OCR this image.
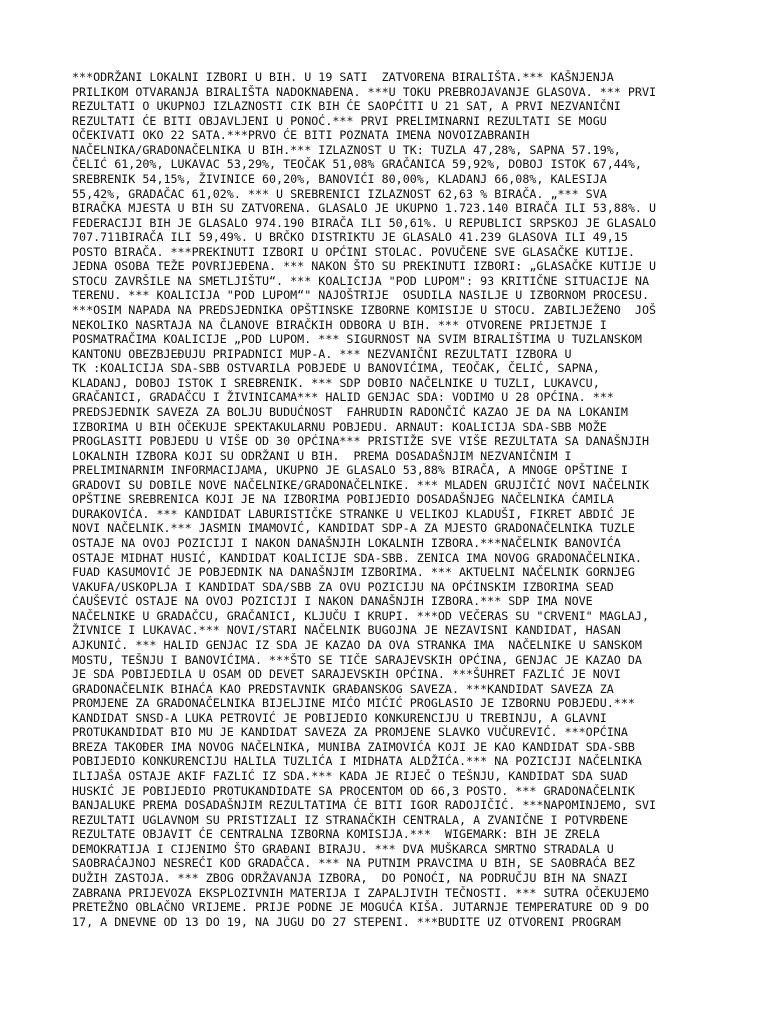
***ODRŽANI LOKALNI IZBORI U BIH. U 19 SATI  ZATVORENA BIRALIŠTA.*** KAŠNJENJA
PRILIKOM OTVARANJA BIRALIŠTA NADOKNAĐENA. ***U TOKU PREBROJAVANJE GLASOVA. *** PRVI
REZULTATI O UKUPNOJ IZLAZNOSTI CIK BIH ĆE SAOPĆITI U 21 SAT, A PRVI NEZVANIČNI
REZULTATI ĆE BITI OBJAVLJENI U PONOĆ.*** PRVI PRELIMINARNI REZULTATI SE MOGU
OČEKIVATI OKO 22 SATA.***PRVO ĆE BITI POZNATA IMENA NOVOIZABRANIH
NAČELNIKA/GRADONAČELNIKA U BIH.*** IZLAZNOST U TK: TUZLA 47,28%, SAPNA 57.19%,
ČELIĆ 61,20%, LUKAVAC 53,29%, TEOČAK 51,08% GRAČANICA 59,92%, DOBOJ ISTOK 67,44%,
SREBRENIK 54,15%, ŽIVINICE 60,20%, BANOVIĆI 80,00%, KLADANJ 66,08%, KALESIJA
55,42%, GRADAČAC 61,02%. *** U SREBRENICI IZLAZNOST 62,63 % BIRAČA. „*** SVA
BIRAČKA MJESTA U BIH SU ZATVORENA. GLASALO JE UKUPNO 1.723.140 BIRAČA ILI 53,88%. U
FEDERACIJI BIH JE GLASALO 974.190 BIRAČA ILI 50,61%. U REPUBLICI SRPSKOJ JE GLASALO
707.711BIRAČA ILI 59,49%. U BRČKO DISTRIKTU JE GLASALO 41.239 GLASOVA ILI 49,15
POSTO BIRAČA. ***PREKINUTI IZBORI U OPĆINI STOLAC. POVUČENE SVE GLASAČKE KUTIJE.
JEDNA OSOBA TEŽE POVRIJEĐENA. *** NAKON ŠTO SU PREKINUTI IZBORI: „GLASAČKE KUTIJE U
STOCU ZAVRŠILE NA SMETLJIŠTU“. *** KOALICIJA "POD LUPOM": 93 KRITIČNE SITUACIJE NA
TERENU. *** KOALICIJA "POD LUPOM“" NAJOŠTRIJE  OSUDILA NASILJE U IZBORNOM PROCESU.
***OSIM NAPADA NA PREDSJEDNIKA OPŠTINSKE IZBORNE KOMISIJE U STOCU. ZABILJEŽENO  JOŠ
NEKOLIKO NASRTAJA NA ČLANOVE BIRAČKIH ODBORA U BIH. *** OTVORENE PRIJETNJE I
POSMATRAČIMA KOALICIJE „POD LUPOM. *** SIGURNOST NA SVIM BIRALIŠTIMA U TUZLANSKOM
KANTONU OBEZBJEĐUJU PRIPADNICI MUP-A. *** NEZVANIČNI REZULTATI IZBORA U
TK :KOALICIJA SDA-SBB OSTVARILA POBJEDE U BANOVIĆIMA, TEOČAK, ČELIĆ, SAPNA,
KLADANJ, DOBOJ ISTOK I SREBRENIK. *** SDP DOBIO NAČELNIKE U TUZLI, LUKAVCU,
GRAČANICI, GRADAČCU I ŽIVINICAMA*** HALID GENJAC SDA: VODIMO U 28 OPĆINA. ***
PREDSJEDNIK SAVEZA ZA BOLJU BUDUĆNOST  FAHRUDIN RADONČIĆ KAZAO JE DA NA LOKANIM
IZBORIMA U BIH OČEKUJE SPEKTAKULARNU POBJEDU. ARNAUT: KOALICIJA SDA-SBB MOŽE
PROGLASITI POBJEDU U VIŠE OD 30 OPĆINA*** PRISTIŽE SVE VIŠE REZULTATA SA DANAŠNJIH
LOKALNIH IZBORA KOJI SU ODRŽANI U BIH.  PREMA DOSADAŠNJIM NEZVANIČNIM I
PRELIMINARNIM INFORMACIJAMA, UKUPNO JE GLASALO 53,88% BIRAČA, A MNOGE OPŠTINE I
GRADOVI SU DOBILE NOVE NAČELNIKE/GRADONAČELNIKE. *** MLADEN GRUJIČIĆ NOVI NAČELNIK
OPŠTINE SREBRENICA KOJI JE NA IZBORIMA POBIJEDIO DOSADAŠNJEG NAČELNIKA ĆAMILA
DURAKOVIĆA. *** KANDIDAT LABURISTIČKE STRANKE U VELIKOJ KLADUŠI, FIKRET ABDIĆ JE
NOVI NAČELNIK.*** JASMIN IMAMOVIĆ, KANDIDAT SDP-A ZA MJESTO GRADONAČELNIKA TUZLE
OSTAJE NA OVOJ POZICIJI I NAKON DANAŠNJIH LOKALNIH IZBORA.***NAČELNIK BANOVIĆA
OSTAJE MIDHAT HUSIĆ, KANDIDAT KOALICIJE SDA-SBB. ZENICA IMA NOVOG GRADONAČELNIKA.
FUAD KASUMOVIĆ JE POBJEDNIK NA DANAŠNJIM IZBORIMA. *** AKTUELNI NAČELNIK GORNJEG
VAKUFA/USKOPLJA I KANDIDAT SDA/SBB ZA OVU POZICIJU NA OPĆINSKIM IZBORIMA SEAD
ĆAUŠEVIĆ OSTAJE NA OVOJ POZICIJI I NAKON DANAŠNJIH IZBORA.*** SDP IMA NOVE
NAČELNIKE U GRADAČCU, GRAČANICI, KLJUČU I KRUPI. ***OD VEČERAS SU "CRVENI" MAGLAJ,
ŽIVNICE I LUKAVAC.*** NOVI/STARI NAČELNIK BUGOJNA JE NEZAVISNI KANDIDAT, HASAN
AJKUNIĆ. *** HALID GENJAC IZ SDA JE KAZAO DA OVA STRANKA IMA  NAČELNIKE U SANSKOM
MOSTU, TEŠNJU I BANOVIĆIMA. ***ŠTO SE TIČE SARAJEVSKIH OPĆINA, GENJAC JE KAZAO DA
JE SDA POBIJEDILA U OSAM OD DEVET SARAJEVSKIH OPĆINA. ***ŠUHRET FAZLIĆ JE NOVI
GRADONAČELNIK BIHAĆA KAO PREDSTAVNIK GRAĐANSKOG SAVEZA. ***KANDIDAT SAVEZA ZA
PROMJENE ZA GRADONAČELNIKA BIJELJINE MIĆO MIĆIĆ PROGLASIO JE IZBORNU POBJEDU.***
KANDIDAT SNSD-A LUKA PETROVIĆ JE POBIJEDIO KONKURENCIJU U TREBINJU, A GLAVNI
PROTUKANDIDAT BIO MU JE KANDIDAT SAVEZA ZA PROMJENE SLAVKO VUČUREVIĆ. ***OPĆINA
BREZA TAKOĐER IMA NOVOG NAČELNIKA, MUNIBA ZAIMOVIĆA KOJI JE KAO KANDIDAT SDA-SBB
POBIJEDIO KONKURENCIJU HALILA TUZLIĆA I MIDHATA ALDŽIĆA.*** NA POZICIJI NAČELNIKA
ILIJAŠA OSTAJE AKIF FAZLIĆ IZ SDA.*** KADA JE RIJEČ O TEŠNJU, KANDIDAT SDA SUAD
HUSKIĆ JE POBIJEDIO PROTUKANDIDATE SA PROCENTOM OD 66,3 POSTO. *** GRADONAČELNIK
BANJALUKE PREMA DOSADAŠNJIM REZULTATIMA ĆE BITI IGOR RADOJIČIĆ. ***NAPOMINJEMO, SVI
REZULTATI UGLAVNOM SU PRISTIZALI IZ STRANAČKIH CENTRALA, A ZVANIČNE I POTVRĐENE
REZULTATE OBJAVIT ĆE CENTRALNA IZBORNA KOMISIJA.***  WIGEMARK: BIH JE ZRELA
DEMOKRATIJA I CIJENIMO ŠTO GRAĐANI BIRAJU. *** DVA MUŠKARCA SMRTNO STRADALA U
SAOBRAĆAJNOJ NESREĆI KOD GRADAČCA. *** NA PUTNIM PRAVCIMA U BIH, SE SAOBRAĆA BEZ
DUŽIH ZASTOJA. *** ZBOG ODRŽAVANJA IZBORA,  DO PONOĆI, NA PODRUČJU BIH NA SNAZI
ZABRANA PRIJEVOZA EKSPLOZIVNIH MATERIJA I ZAPALJIVIH TEČNOSTI. *** SUTRA OČEKUJEMO
PRETEŽNO OBLAČNO VRIJEME. PRIJE PODNE JE MOGUĆA KIŠA. JUTARNJE TEMPERATURE OD 9 DO
17, A DNEVNE OD 13 DO 19, NA JUGU DO 27 STEPENI. ***BUDITE UZ OTVORENI PROGRAM
